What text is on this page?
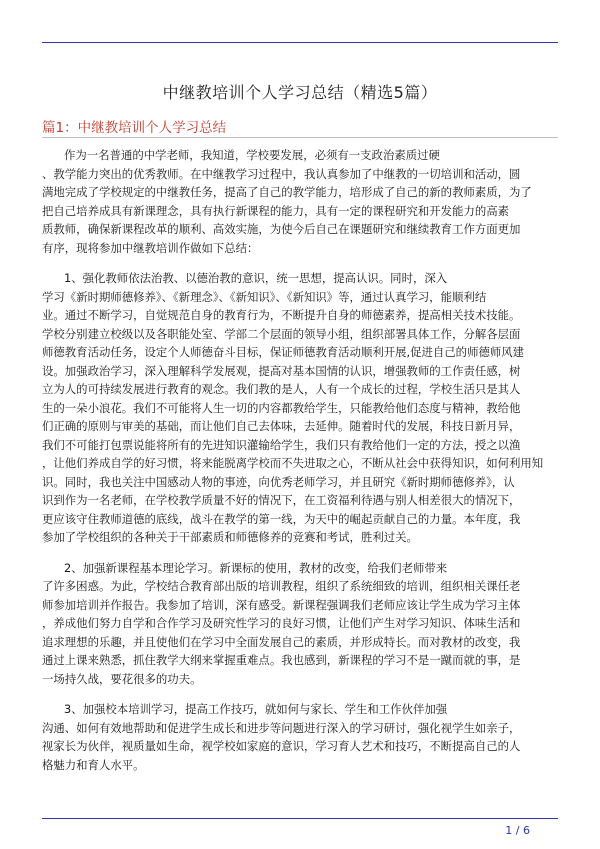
中继教培训个人学习总结（精选5篇）
篇1：中继教培训个人学习总结

作为一名普通的中学老师，我知道，学校要发展，必须有一支政治素质过硬
、教学能力突出的优秀教师。在中继教学习过程中，我认真参加了中继教的一切培训和活动，圆
满地完成了学校规定的中继教任务，提高了自己的教学能力，培形成了自己的新的教师素质，为了
把自己培养成具有新课理念，具有执行新课程的能力，具有一定的课程研究和开发能力的高素
质教师，确保新课程改革的顺利、高效实施，为使今后自己在课题研究和继续教育工作方面更加
有序，现将参加中继教培训作做如下总结：

1、强化教师依法治教、以德治教的意识，统一思想，提高认识。同时，深入
学习《新时期师德修养》、《新理念》、《新知识》、《新知识》等，通过认真学习，能顺利结
业。通过不断学习，自觉规范自身的教育行为，不断提升自身的师德素养，提高相关技术技能。
学校分别建立校级以及各职能处室、学部二个层面的领导小组，组织部署具体工作，分解各层面
师德教育活动任务，设定个人师德奋斗目标，保证师德教育活动顺利开展,促进自己的师德师风建
设。加强政治学习，深入理解科学发展观，提高对基本国情的认识，增强教师的工作责任感，树
立为人的可持续发展进行教育的观念。我们教的是人，人有一个成长的过程，学校生活只是其人
生的一朵小浪花。我们不可能将人生一切的内容都教给学生，只能教给他们态度与精神，教给他
们正确的原则与审美的基础，而让他们自己去体味，去延伸。随着时代的发展，科技日新月异，
我们不可能打包票说能将所有的先进知识灌输给学生，我们只有教给他们一定的方法，授之以渔
，让他们养成自学的好习惯，将来能脱离学校而不失进取之心，不断从社会中获得知识，如何利用知
识。同时，我也关注中国感动人物的事迹，向优秀老师学习，并且研究《新时期师德修养》，认
识到作为一名老师，在学校教学质量不好的情况下，在工资福利待遇与别人相差很大的情况下，
更应该守住教师道德的底线，战斗在教学的第一线，为天中的崛起贡献自己的力量。本年度，我
参加了学校组织的各种关于干部素质和师德修养的竞赛和考试，胜利过关。

2、加强新课程基本理论学习。新课标的使用，教材的改变，给我们老师带来
了许多困惑。为此，学校结合教育部出版的培训教程，组织了系统细致的培训，组织相关课任老
师参加培训并作报告。我参加了培训，深有感受。新课程强调我们老师应该让学生成为学习主体
，养成他们努力自学和合作学习及研究性学习的良好习惯，让他们产生对学习知识、体味生活和
追求理想的乐趣，并且使他们在学习中全面发展自己的素质，并形成特长。而对教材的改变，我
通过上课来熟悉，抓住教学大纲来掌握重难点。我也感到，新课程的学习不是一蹴而就的事，是
一场持久战，要花很多的功夫。

3、加强校本培训学习，提高工作技巧，就如何与家长、学生和工作伙伴加强
沟通、如何有效地帮助和促进学生成长和进步等问题进行深入的学习研讨，强化视学生如亲子，
视家长为伙伴，视质量如生命，视学校如家庭的意识，学习育人艺术和技巧，不断提高自己的人
格魅力和育人水平。

1 / 6
